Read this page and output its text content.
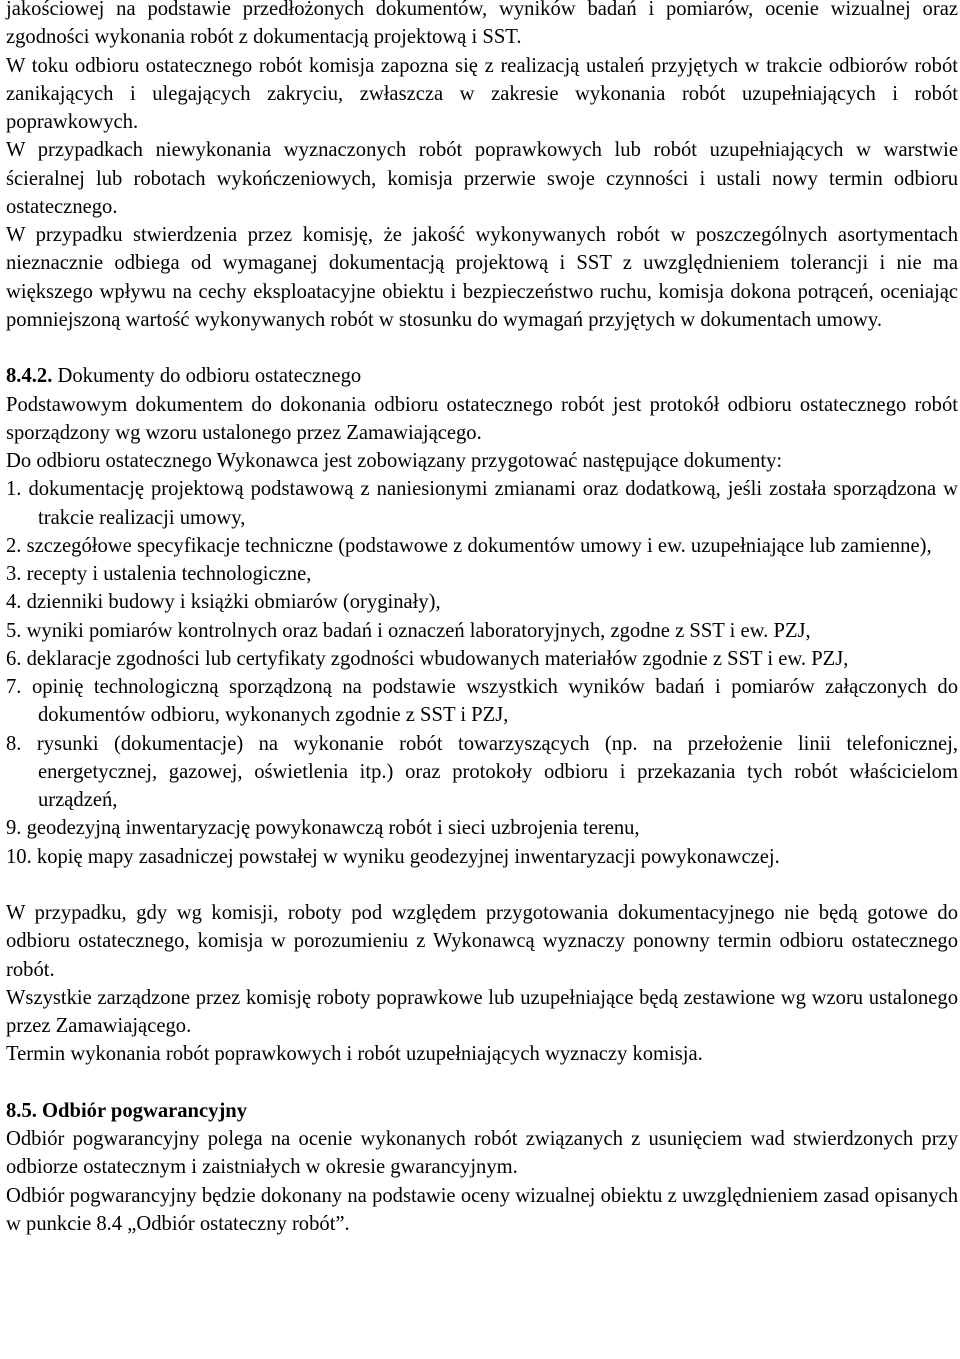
jakościowej na podstawie przedłożonych dokumentów, wyników badań i pomiarów, ocenie wizualnej oraz zgodności wykonania robót z dokumentacją projektową i SST.

W toku odbioru ostatecznego robót komisja zapozna się z realizacją ustaleń przyjętych w trakcie odbiorów robót zanikających i ulegających zakryciu, zwłaszcza w zakresie wykonania robót uzupełniających i robót poprawkowych.

W przypadkach niewykonania wyznaczonych robót poprawkowych lub robót uzupełniających w warstwie ścieralnej lub robotach wykończeniowych, komisja przerwie swoje czynności i ustali nowy termin odbioru ostatecznego.

W przypadku stwierdzenia przez komisję, że jakość wykonywanych robót w poszczególnych asortymentach nieznacznie odbiega od wymaganej dokumentacją projektową i SST z uwzględnieniem tolerancji i nie ma większego wpływu na cechy eksploatacyjne obiektu i bezpieczeństwo ruchu, komisja dokona potrąceń, oceniając pomniejszoną wartość wykonywanych robót w stosunku do wymagań przyjętych w dokumentach umowy.

8.4.2. Dokumenty do odbioru ostatecznego

Podstawowym dokumentem do dokonania odbioru ostatecznego robót jest protokół odbioru ostatecznego robót sporządzony wg wzoru ustalonego przez Zamawiającego.

Do odbioru ostatecznego Wykonawca jest zobowiązany przygotować następujące dokumenty:

1. dokumentację projektową podstawową z naniesionymi zmianami oraz dodatkową, jeśli została sporządzona w trakcie realizacji umowy,
2. szczegółowe specyfikacje techniczne (podstawowe z dokumentów umowy i ew. uzupełniające lub zamienne),
3. recepty i ustalenia technologiczne,
4. dzienniki budowy i książki obmiarów (oryginały),
5. wyniki pomiarów kontrolnych oraz badań i oznaczeń laboratoryjnych, zgodne z SST i ew. PZJ,
6. deklaracje zgodności lub certyfikaty zgodności wbudowanych materiałów zgodnie z SST i ew. PZJ,
7. opinię technologiczną sporządzoną na podstawie wszystkich wyników badań i pomiarów załączonych do dokumentów odbioru, wykonanych zgodnie z SST i PZJ,
8. rysunki (dokumentacje) na wykonanie robót towarzyszących (np. na przełożenie linii telefonicznej, energetycznej, gazowej, oświetlenia itp.) oraz protokoły odbioru i przekazania tych robót właścicielom urządzeń,
9. geodezyjną inwentaryzację powykonawczą robót i sieci uzbrojenia terenu,
10. kopię mapy zasadniczej powstałej w wyniku geodezyjnej inwentaryzacji powykonawczej.

W przypadku, gdy wg komisji, roboty pod względem przygotowania dokumentacyjnego nie będą gotowe do odbioru ostatecznego, komisja w porozumieniu z Wykonawcą wyznaczy ponowny termin odbioru ostatecznego robót.

Wszystkie zarządzone przez komisję roboty poprawkowe lub uzupełniające będą zestawione wg wzoru ustalonego przez Zamawiającego.

Termin wykonania robót poprawkowych i robót uzupełniających wyznaczy komisja.

8.5. Odbiór pogwarancyjny

Odbiór pogwarancyjny polega na ocenie wykonanych robót związanych z usunięciem wad stwierdzonych przy odbiorze ostatecznym i zaistniałych w okresie gwarancyjnym.

Odbiór pogwarancyjny będzie dokonany na podstawie oceny wizualnej obiektu z uwzględnieniem zasad opisanych w punkcie 8.4 „Odbiór ostateczny robót”.
